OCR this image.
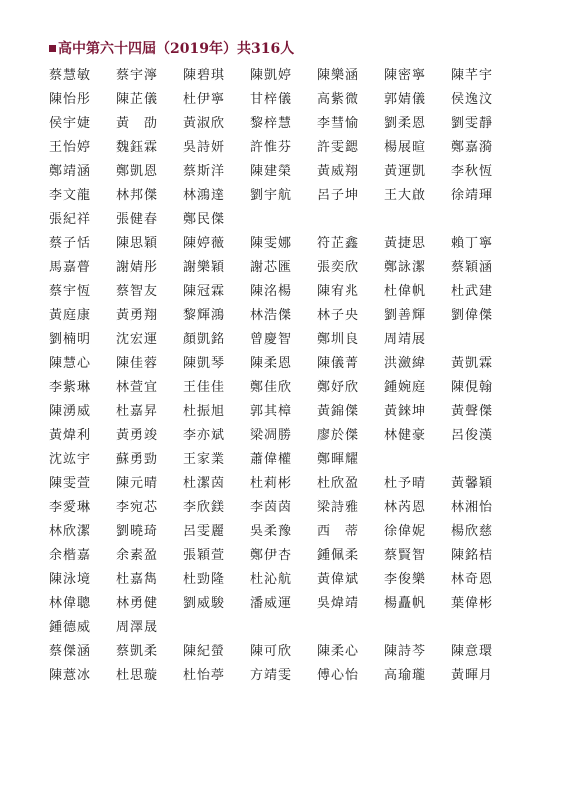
高中第六十四屆（2019年）共316人
蔡慧敏	蔡宇濘	陳碧琪	陳凱婷	陳樂涵	陳密寧	陳芊宇
陳怡彤	陳芷儀	杜伊寧	甘梓儀	高紫微	郭婧儀	侯逸汶
侯宇婕	黃　劭	黃淑欣	黎梓慧	李彗愉	劉柔恩	劉雯靜
王怡婷	魏鈺霖	吳詩妍	許惟芬	許雯鍶	楊展暄	鄭嘉漪
鄭靖涵	鄭凱恩	蔡斯洋	陳建榮	黃威翔	黃運凱	李秋恆
李文龍	林邦傑	林鴻達	劉宇航	呂子坤	王大啟	徐靖琿
張紀祥	張健春	鄭民傑
蔡子恬	陳思穎	陳婷薇	陳雯娜	符芷鑫	黃捷思	賴丁寧
馬嘉瞢	謝婧彤	謝樂穎	謝芯匯	張奕欣	鄭詠潔	蔡穎涵
蔡宇恆	蔡智友	陳冠霖	陳洺楊	陳宥兆	杜偉帆	杜武建
黃庭康	黃勇翔	黎輝鴻	林浩傑	林子央	劉善輝	劉偉傑
劉楠明	沈宏運	顏凱銘	曾慶智	鄭圳良	周靖展
陳慧心	陳佳蓉	陳凱琴	陳柔恩	陳儀菁	洪瀲緯	黃凱霖
李紫琳	林萱宜	王佳佳	鄭佳欣	鄭妤欣	鍾婉庭	陳俔翰
陳湧威	杜嘉昇	杜振旭	郭其樟	黃錦傑	黃錸坤	黃聲傑
黃煒利	黃勇竣	李亦斌	梁凋勝	廖於傑	林健豪	呂俊漢
沈竑宇	蘇勇勁	王家業	蕭偉權	鄭暉耀
陳雯萱	陳元晴	杜潔茵	杜莉彬	杜欣盈	杜予晴	黃馨穎
李愛琳	李宛芯	李欣鎂	李茵茵	梁詩雅	林芮恩	林湘怡
林欣潔	劉曉琦	呂雯麗	吳柔豫	西　蒂	徐偉妮	楊欣慈
余楷嘉	余素盈	張穎萱	鄭伊杏	鍾佩柔	蔡賢智	陳銘桔
陳泳境	杜嘉雋	杜勁隆	杜沁航	黃偉斌	李俊樂	林奇恩
林偉聰	林勇健	劉威駿	潘威運	吳煒靖	楊矗帆	葉偉彬
鍾德威	周澤晟
蔡傑涵	蔡凱柔	陳紀螢	陳可欣	陳柔心	陳詩芩	陳意環
陳薏冰	杜思璇	杜怡葶	方靖雯	傅心怡	高瑜瓏	黃暉月
